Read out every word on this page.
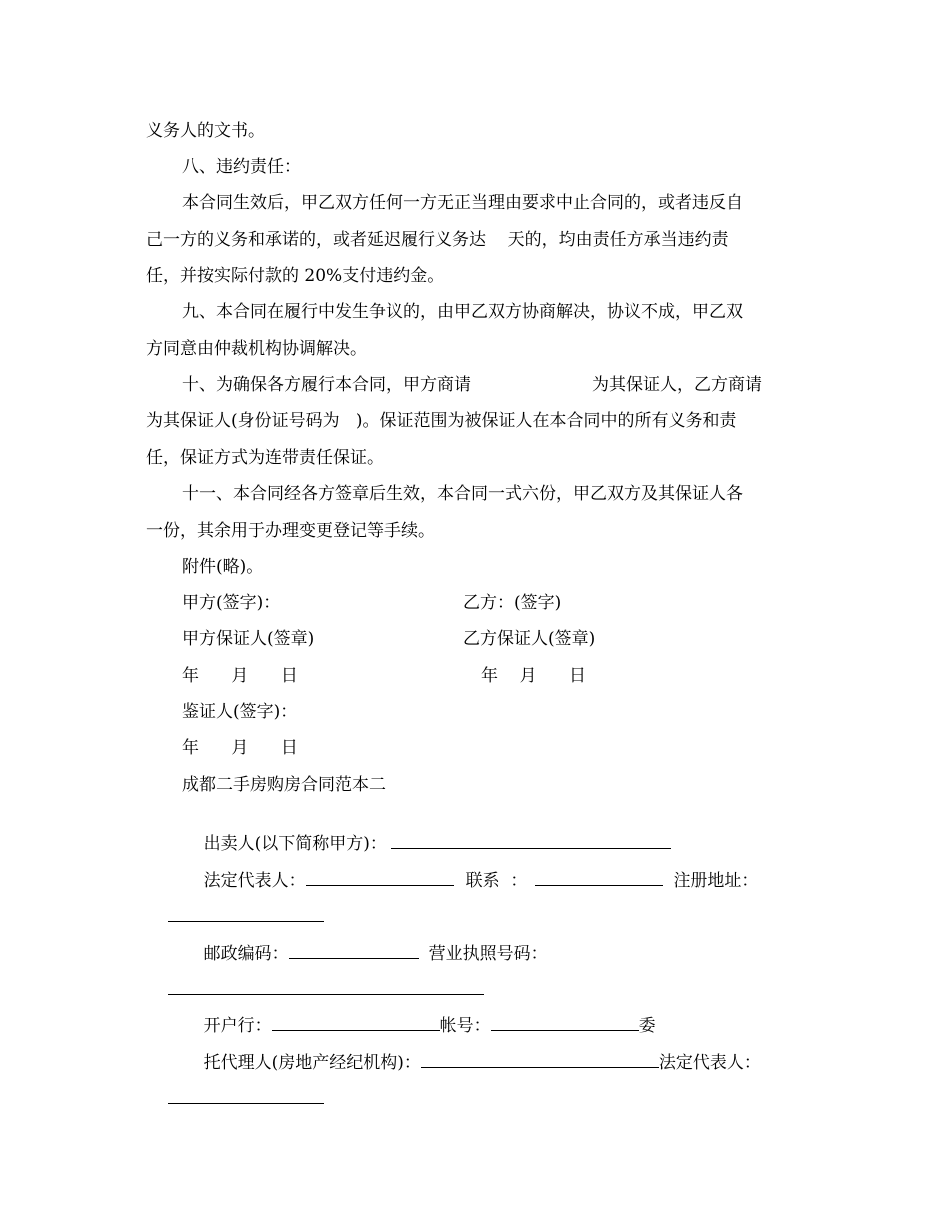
义务人的文书。
八、违约责任：
本合同生效后，甲乙双方任何一方无正当理由要求中止合同的，或者违反自
己一方的义务和承诺的，或者延迟履行义务达    天的，均由责任方承当违约责
任，并按实际付款的 20%支付违约金。
九、本合同在履行中发生争议的，由甲乙双方协商解决，协议不成，甲乙双
方同意由仲裁机构协调解决。
十、为确保各方履行本合同，甲方商请	为其保证人，乙方商请
为其保证人(身份证号码为   )。保证范围为被保证人在本合同中的所有义务和责
任，保证方式为连带责任保证。
十一、本合同经各方签章后生效，本合同一式六份，甲乙双方及其保证人各
一份，其余用于办理变更登记等手续。
附件(略)。
甲方(签字)：	乙方：(签字)
甲方保证人(签章)	乙方保证人(签章)
年      月      日	年    月      日
鉴证人(签字)：
年      月      日
成都二手房购房合同范本二

出卖人(以下简称甲方)：

法定代表人：	联系  ：	注册地址：

邮政编码：	营业执照号码：

开户行：	帐号：	委

托代理人(房地产经纪机构)：	法定代表人：
